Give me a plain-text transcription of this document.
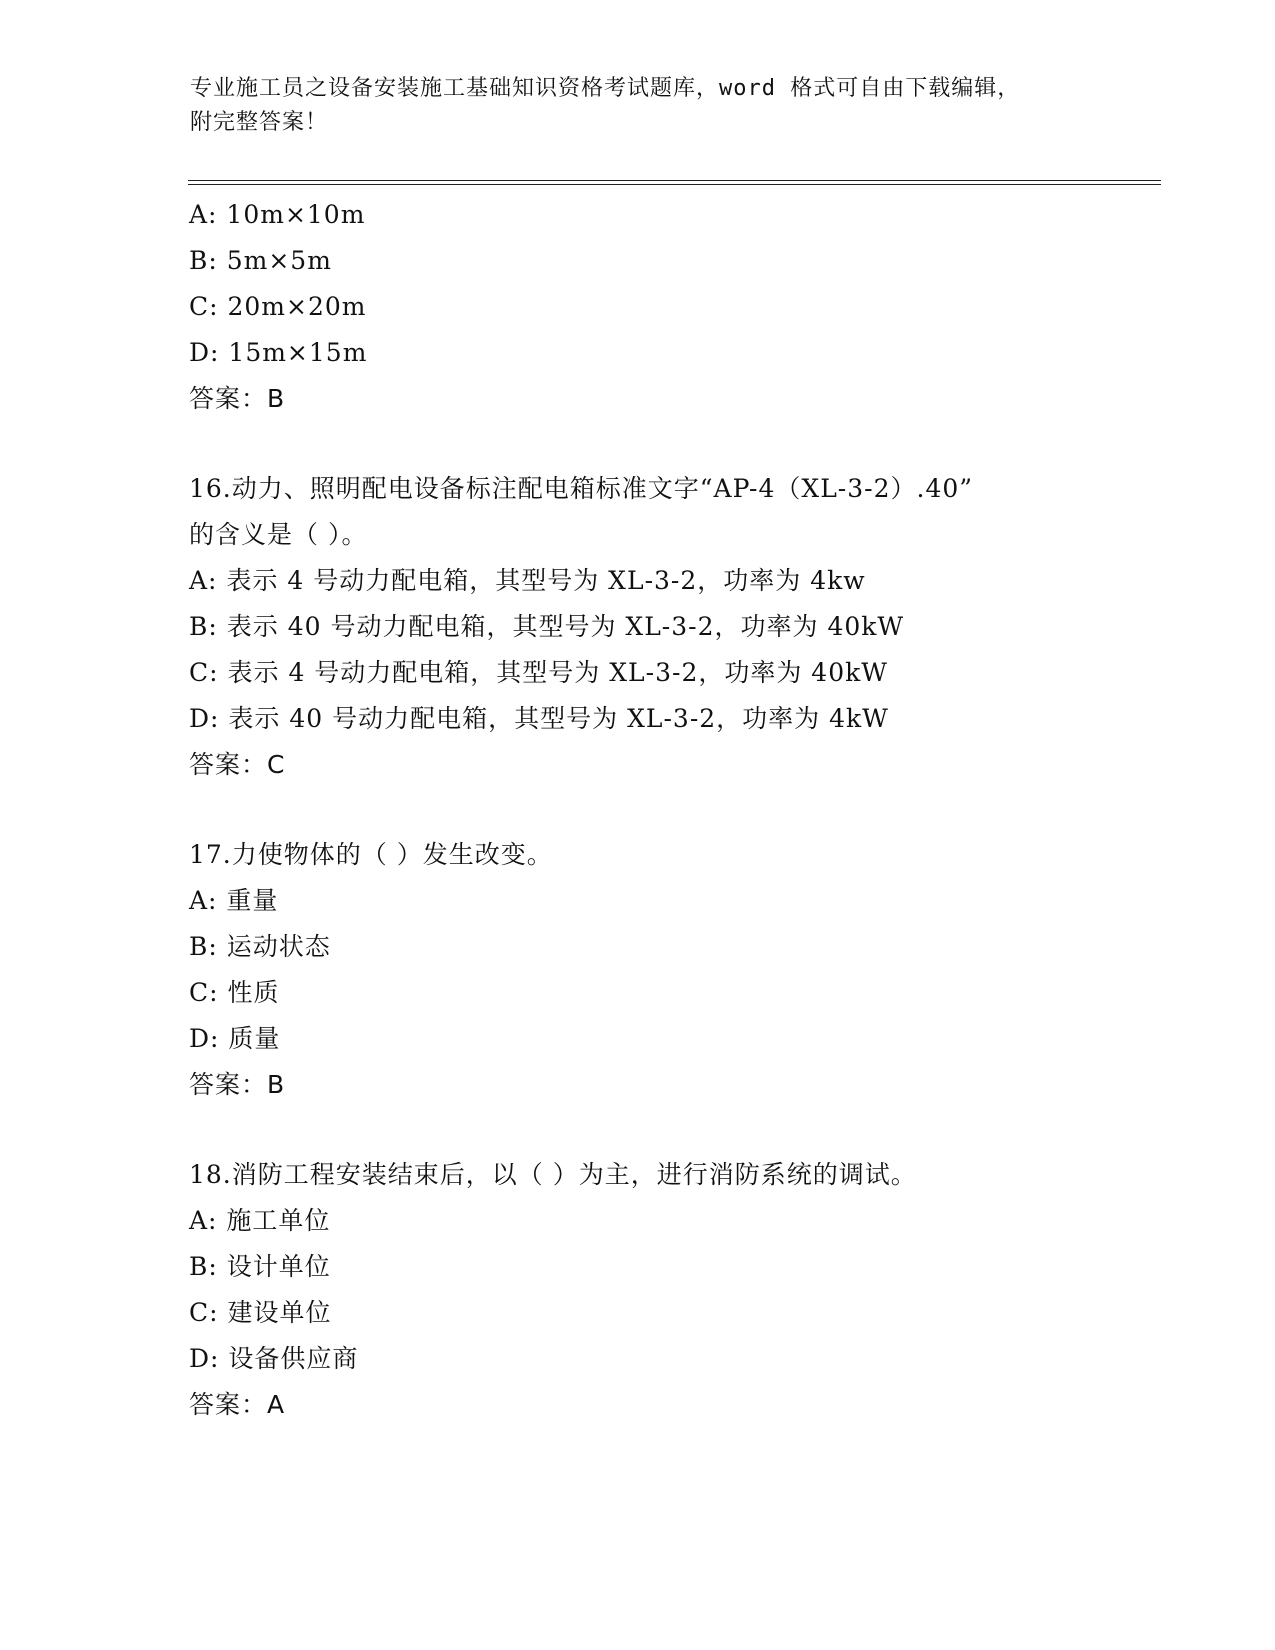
专业施工员之设备安装施工基础知识资格考试题库，word 格式可自由下载编辑，
附完整答案！
A: 10m×10m
B: 5m×5m
C: 20m×20m
D: 15m×15m
答案：B
16.动力、照明配电设备标注配电箱标准文字“AP-4（XL-3-2）.40”
的含义是（ ）。
A: 表示 4 号动力配电箱，其型号为 XL-3-2，功率为 4kw
B: 表示 40 号动力配电箱，其型号为 XL-3-2，功率为 40kW
C: 表示 4 号动力配电箱，其型号为 XL-3-2，功率为 40kW
D: 表示 40 号动力配电箱，其型号为 XL-3-2，功率为 4kW
答案：C
17.力使物体的（ ）发生改变。
A: 重量
B: 运动状态
C: 性质
D: 质量
答案：B
18.消防工程安装结束后，以（ ）为主，进行消防系统的调试。
A: 施工单位
B: 设计单位
C: 建设单位
D: 设备供应商
答案：A
